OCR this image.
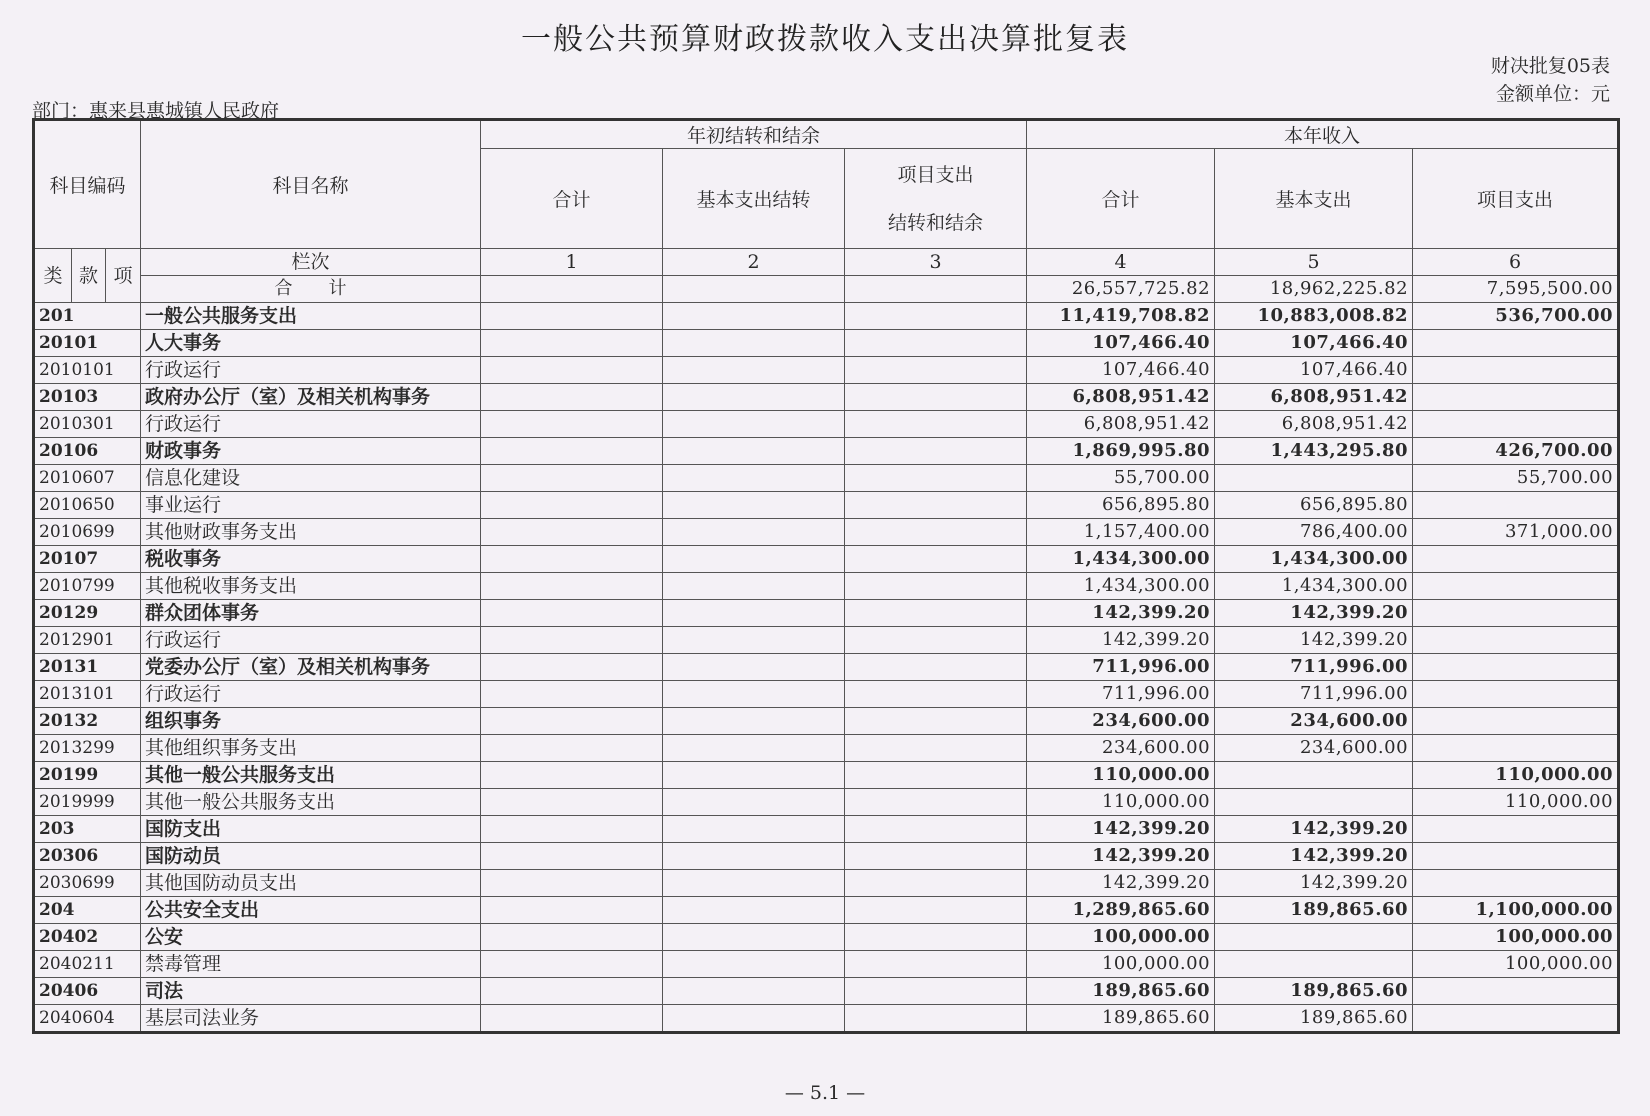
一般公共预算财政拨款收入支出决算批复表
财决批复05表
金额单位：元
部门：惠来县惠城镇人民政府
科目编码			科目名称	年初结转和结余			本年收入		
				合计	基本支出结转	项目支出
结转和结余	合计	基本支出	项目支出

类	款	项	栏次	1	2	3	4	5	6
			合　　计				26,557,725.82	18,962,225.82	7,595,500.00
201			一般公共服务支出				11,419,708.82	10,883,008.82	536,700.00
20101			人大事务				107,466.40	107,466.40	
2010101			行政运行				107,466.40	107,466.40	
20103			政府办公厅（室）及相关机构事务				6,808,951.42	6,808,951.42	
2010301			行政运行				6,808,951.42	6,808,951.42	
20106			财政事务				1,869,995.80	1,443,295.80	426,700.00
2010607			信息化建设				55,700.00		55,700.00
2010650			事业运行				656,895.80	656,895.80	
2010699			其他财政事务支出				1,157,400.00	786,400.00	371,000.00
20107			税收事务				1,434,300.00	1,434,300.00	
2010799			其他税收事务支出				1,434,300.00	1,434,300.00	
20129			群众团体事务				142,399.20	142,399.20	
2012901			行政运行				142,399.20	142,399.20	
20131			党委办公厅（室）及相关机构事务				711,996.00	711,996.00	
2013101			行政运行				711,996.00	711,996.00	
20132			组织事务				234,600.00	234,600.00	
2013299			其他组织事务支出				234,600.00	234,600.00	
20199			其他一般公共服务支出				110,000.00		110,000.00
2019999			其他一般公共服务支出				110,000.00		110,000.00
203			国防支出				142,399.20	142,399.20	
20306			国防动员				142,399.20	142,399.20	
2030699			其他国防动员支出				142,399.20	142,399.20	
204			公共安全支出				1,289,865.60	189,865.60	1,100,000.00
20402			公安				100,000.00		100,000.00
2040211			禁毒管理				100,000.00		100,000.00
20406			司法				189,865.60	189,865.60	
2040604			基层司法业务				189,865.60	189,865.60	
— 5.1 —
